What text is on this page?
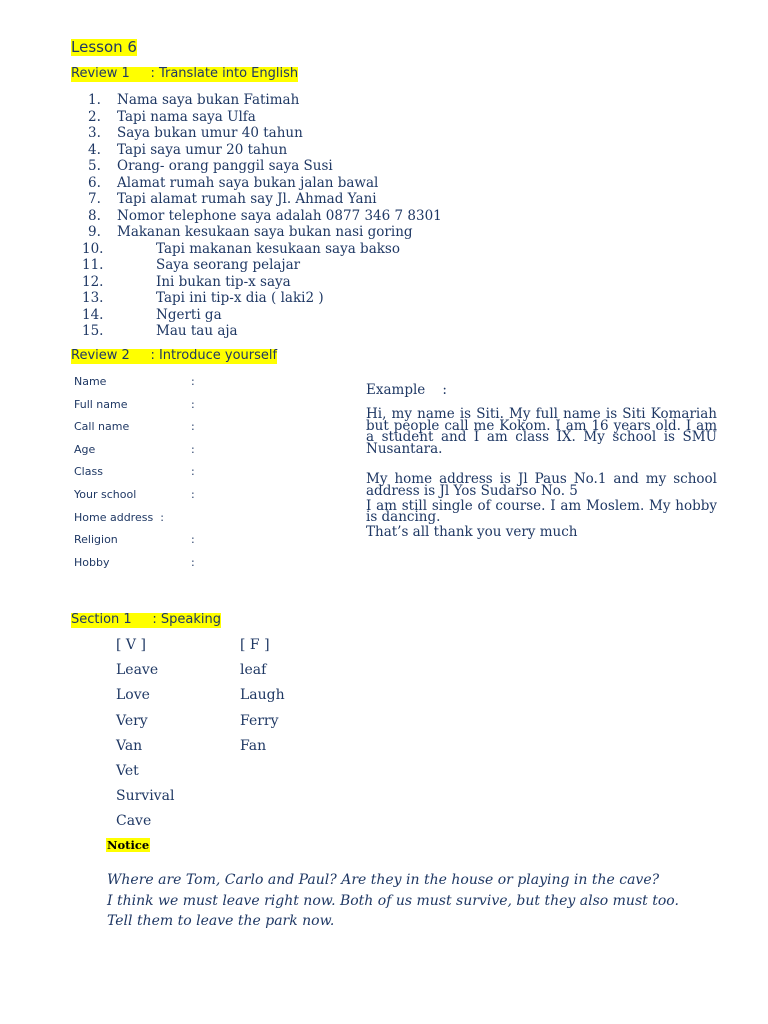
Lesson 6
Review 1     : Translate into English
1.	Nama saya bukan Fatimah
2.	Tapi nama saya Ulfa
3.	Saya bukan umur 40 tahun
4.	Tapi saya umur 20 tahun
5.	Orang- orang panggil saya Susi
6.	Alamat rumah saya bukan jalan bawal
7.	Tapi alamat rumah say Jl. Ahmad Yani
8.	Nomor telephone saya adalah 0877 346 7 8301
9.	Makanan kesukaan saya bukan nasi goring
10.	Tapi makanan kesukaan saya bakso
11.	Saya seorang pelajar
12.	Ini bukan tip-x saya
13.	Tapi ini tip-x dia ( laki2 )
14.	Ngerti ga
15.	Mau tau aja
Review 2     : Introduce yourself
Name	:
Full name	:
Call name	:
Age	:
Class	:
Your school	:
Home address  :
Religion	:
Hobby	:

Example    :

Hi, my name is Siti. My full name is Siti Komariah but people call me Kokom. I am 16 years old. I am a student and I am class IX. My school is SMU Nusantara.

My home address is Jl Paus No.1 and my school address is Jl Yos Sudarso No. 5

I am still single of course. I am Moslem. My hobby is dancing.

That’s all thank you very much

Section 1     : Speaking
[ V ]	[ F ]
Leave	leaf
Love	Laugh
Very	Ferry
Van	Fan
Vet
Survival
Cave
Notice
Where are Tom, Carlo and Paul? Are they in the house or playing in the cave?
I think we must leave right now. Both of us must survive, but they also must too.
Tell them to leave the park now.
